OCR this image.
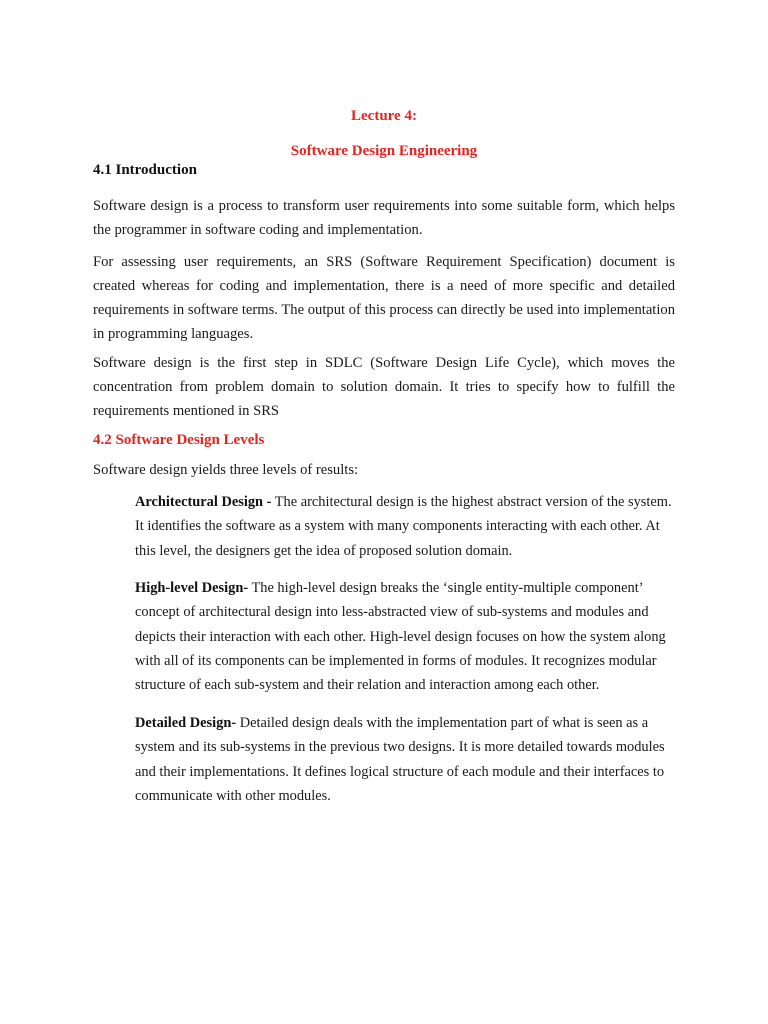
Lecture 4:

Software Design Engineering

4.1 Introduction

Software design is a process to transform user requirements into some suitable form, which helps the programmer in software coding and implementation.

For assessing user requirements, an SRS (Software Requirement Specification) document is created whereas for coding and implementation, there is a need of more specific and detailed requirements in software terms. The output of this process can directly be used into implementation in programming languages.

Software design is the first step in SDLC (Software Design Life Cycle), which moves the concentration from problem domain to solution domain. It tries to specify how to fulfill the requirements mentioned in SRS

4.2 Software Design Levels

Software design yields three levels of results:

Architectural Design - The architectural design is the highest abstract version of the system. It identifies the software as a system with many components interacting with each other. At this level, the designers get the idea of proposed solution domain.

High-level Design- The high-level design breaks the ‘single entity-multiple component’ concept of architectural design into less-abstracted view of sub-systems and modules and depicts their interaction with each other. High-level design focuses on how the system along with all of its components can be implemented in forms of modules. It recognizes modular structure of each sub-system and their relation and interaction among each other.

Detailed Design- Detailed design deals with the implementation part of what is seen as a system and its sub-systems in the previous two designs. It is more detailed towards modules and their implementations. It defines logical structure of each module and their interfaces to communicate with other modules.
